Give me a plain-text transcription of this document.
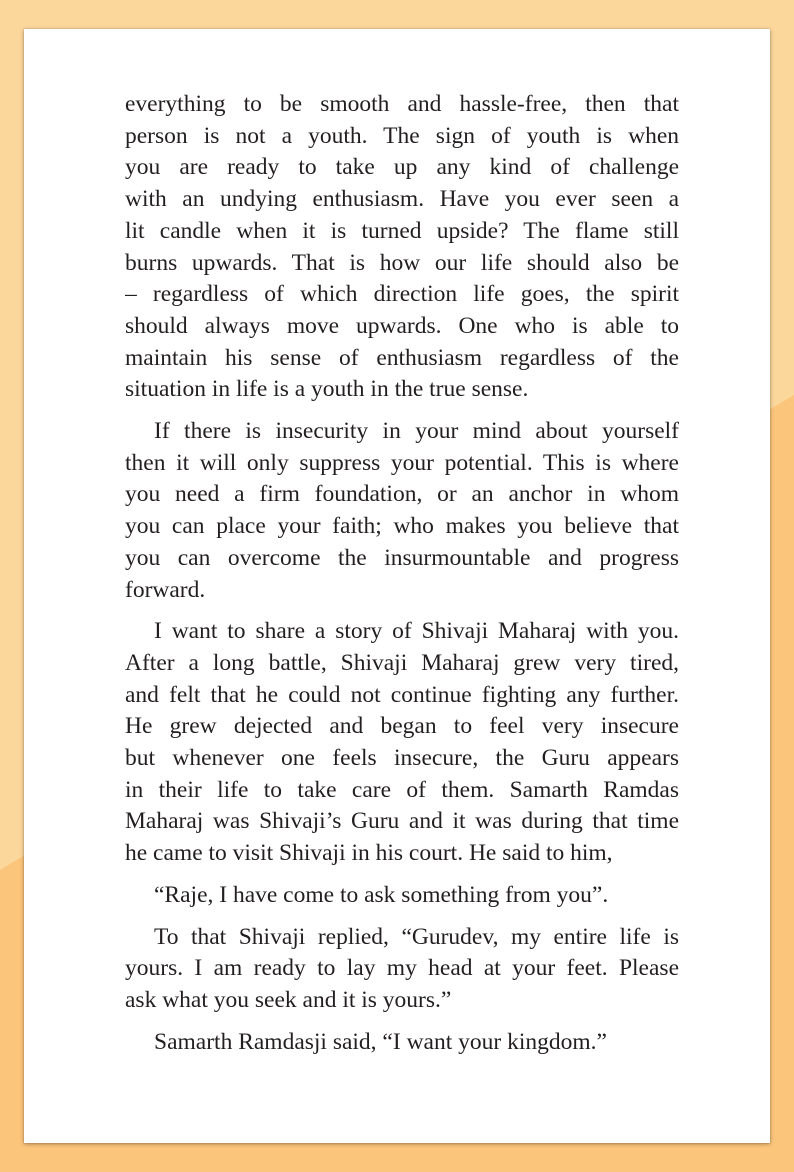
everything to be smooth and hassle-free, then that
person is not a youth. The sign of youth is when
you are ready to take up any kind of challenge
with an undying enthusiasm. Have you ever seen a
lit candle when it is turned upside? The flame still
burns upwards. That is how our life should also be
– regardless of which direction life goes, the spirit
should always move upwards. One who is able to
maintain his sense of enthusiasm regardless of the
situation in life is a youth in the true sense.
If there is insecurity in your mind about yourself
then it will only suppress your potential. This is where
you need a firm foundation, or an anchor in whom
you can place your faith; who makes you believe that
you can overcome the insurmountable and progress
forward.
I want to share a story of Shivaji Maharaj with you.
After a long battle, Shivaji Maharaj grew very tired,
and felt that he could not continue fighting any further.
He grew dejected and began to feel very insecure
but whenever one feels insecure, the Guru appears
in their life to take care of them. Samarth Ramdas
Maharaj was Shivaji’s Guru and it was during that time
he came to visit Shivaji in his court. He said to him,
“Raje, I have come to ask something from you”.
To that Shivaji replied, “Gurudev, my entire life is
yours. I am ready to lay my head at your feet. Please
ask what you seek and it is yours.”
Samarth Ramdasji said, “I want your kingdom.”
